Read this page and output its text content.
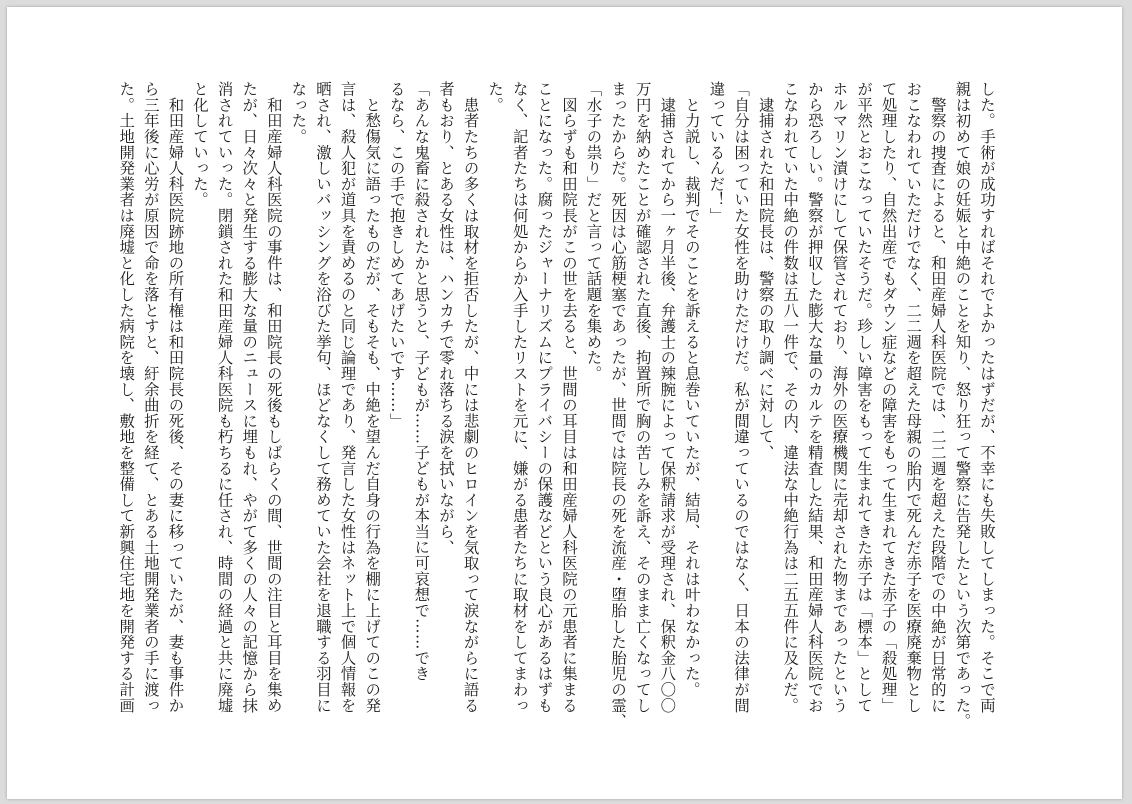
した。手術が成功すればそれでよかったはずだが、不幸にも失敗してしまった。そこで両
親は初めて娘の妊娠と中絶のことを知り、怒り狂って警察に告発したという次第であった。
　警察の捜査によると、和田産婦人科医院では、二二週を超えた段階での中絶が日常的に
おこなわれていただけでなく、二二週を超えた母親の胎内で死んだ赤子を医療廃棄物とし
て処理したり、自然出産でもダウン症などの障害をもって生まれてきた赤子の「殺処理」
が平然とおこなっていたそうだ。珍しい障害をもって生まれてきた赤子は「標本」として
ホルマリン漬けにして保管されており、海外の医療機関に売却された物まであったという
から恐ろしい。警察が押収した膨大な量のカルテを精査した結果、和田産婦人科医院でお
こなわれていた中絶の件数は五八一件で、その内、違法な中絶行為は二五五件に及んだ。
　逮捕された和田院長は、警察の取り調べに対して、
「自分は困っていた女性を助けただけだ。私が間違っているのではなく、日本の法律が間
違っているんだ！」
　と力説し、裁判でそのことを訴えると息巻いていたが、結局、それは叶わなかった。
　逮捕されてから一ヶ月半後、弁護士の辣腕によって保釈請求が受理され、保釈金八〇〇
万円を納めたことが確認された直後、拘置所で胸の苦しみを訴え、そのまま亡くなってし
まったからだ。死因は心筋梗塞であったが、世間では院長の死を流産・堕胎した胎児の霊、
「水子の祟り」だと言って話題を集めた。
　図らずも和田院長がこの世を去ると、世間の耳目は和田産婦人科医院の元患者に集まる
ことになった。腐ったジャーナリズムにプライバシーの保護などという良心があるはずも
なく、記者たちは何処からか入手したリストを元に、嫌がる患者たちに取材をしてまわっ
た。
　患者たちの多くは取材を拒否したが、中には悲劇のヒロインを気取って涙ながらに語る
者もおり、とある女性は、ハンカチで零れ落ちる涙を拭いながら、
「あんな鬼畜に殺されたかと思うと、子どもが……子どもが本当に可哀想で……でき
るなら、この手で抱きしめてあげたいです……」
　と愁傷気に語ったものだが、そもそも、中絶を望んだ自身の行為を棚に上げてのこの発
言は、殺人犯が道具を責めるのと同じ論理であり、発言した女性はネット上で個人情報を
晒され、激しいバッシングを浴びた挙句、ほどなくして務めていた会社を退職する羽目に
なった。
　和田産婦人科医院の事件は、和田院長の死後もしばらくの間、世間の注目と耳目を集め
たが、日々次々と発生する膨大な量のニュースに埋もれ、やがて多くの人々の記憶から抹
消されていった。閉鎖された和田産婦人科医院も朽ちるに任され、時間の経過と共に廃墟
と化していった。
　和田産婦人科医院跡地の所有権は和田院長の死後、その妻に移っていたが、妻も事件か
ら三年後に心労が原因で命を落とすと、紆余曲折を経て、とある土地開発業者の手に渡っ
た。土地開発業者は廃墟と化した病院を壊し、敷地を整備して新興住宅地を開発する計画
